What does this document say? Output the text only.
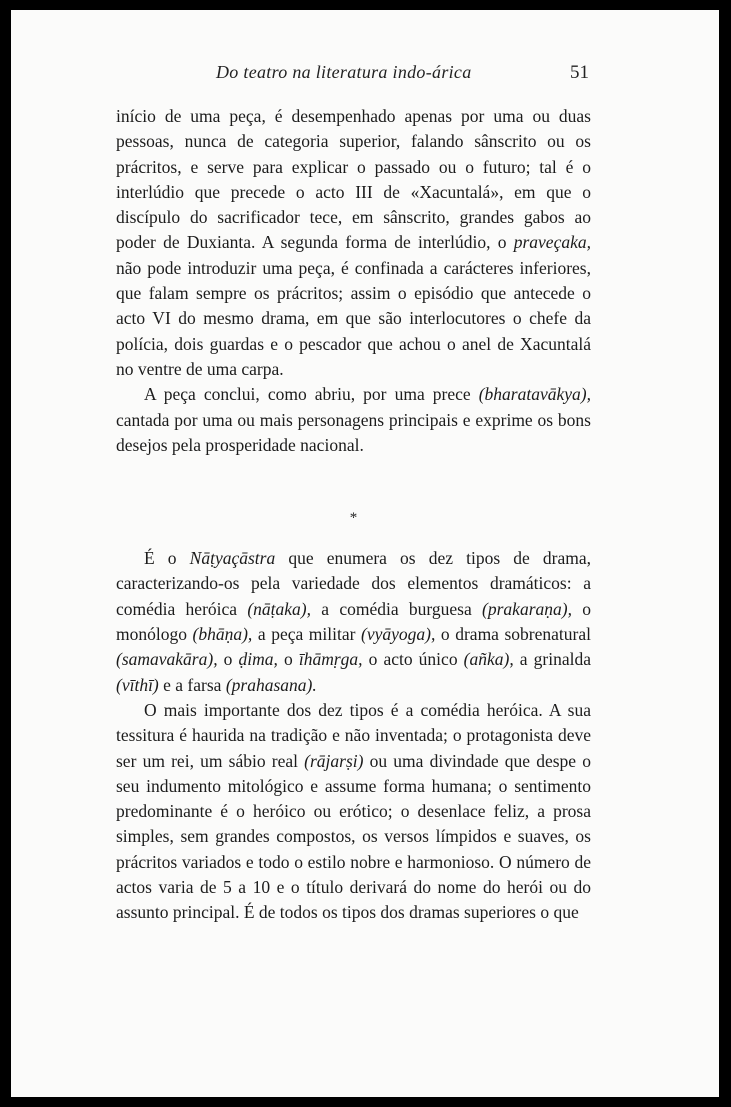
Do teatro na literatura indo-árica	51

início de uma peça, é desempenhado apenas por uma ou duas pessoas, nunca de categoria superior, falando sânscrito ou os prácritos, e serve para explicar o passado ou o futuro; tal é o interlúdio que precede o acto III de «Xacuntalá», em que o discípulo do sacrificador tece, em sânscrito, grandes gabos ao poder de Duxianta. A segunda forma de interlúdio, o praveçaka, não pode introduzir uma peça, é confinada a carácteres inferiores, que falam sempre os prácritos; assim o episódio que antecede o acto VI do mesmo drama, em que são interlocutores o chefe da polícia, dois guardas e o pescador que achou o anel de Xacuntalá no ventre de uma carpa.

A peça conclui, como abriu, por uma prece (bharatavākya), cantada por uma ou mais personagens principais e exprime os bons desejos pela prosperidade nacional.

*

É o Nāṭyaçāstra que enumera os dez tipos de drama, caracterizando-os pela variedade dos elementos dramáticos: a comédia heróica (nāṭaka), a comédia burguesa (prakaraṇa), o monólogo (bhāṇa), a peça militar (vyāyoga), o drama sobrenatural (samavakāra), o ḍima, o īhāmṛga, o acto único (añka), a grinalda (vīthī) e a farsa (prahasana).

O mais importante dos dez tipos é a comédia heróica. A sua tessitura é haurida na tradição e não inventada; o protagonista deve ser um rei, um sábio real (rājarṣi) ou uma divindade que despe o seu indumento mitológico e assume forma humana; o sentimento predominante é o heróico ou erótico; o desenlace feliz, a prosa simples, sem grandes compostos, os versos límpidos e suaves, os prácritos variados e todo o estilo nobre e harmonioso. O número de actos varia de 5 a 10 e o título derivará do nome do herói ou do assunto principal. É de todos os tipos dos dramas superiores o que
